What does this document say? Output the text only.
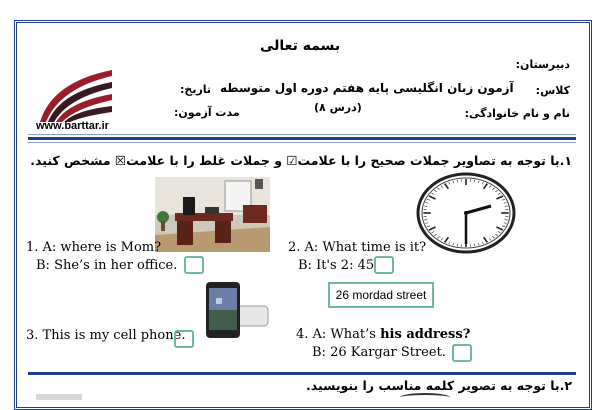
www.barttar.ir
بسمه تعالی
دبیرستان:
آزمون زبان انگلیسی پایه هفتم دوره اول متوسطه
تاریخ:	کلاس:
(درس ۸)
مدت آزمون:	نام و نام خانوادگی:
۱.با توجه به تصاویر جملات صحیح را با علامت☑ و جملات غلط را با علامت☒ مشخص کنید.
1. A: where is Mom?
B: She’s in her office.
2. A: What time is it?
B: It's 2: 45
26 mordad street
3. This is my cell phone.	4. A: What’s his address?
B: 26 Kargar Street.
۲.با توجه به تصویر کلمه مناسب را بنویسید.
